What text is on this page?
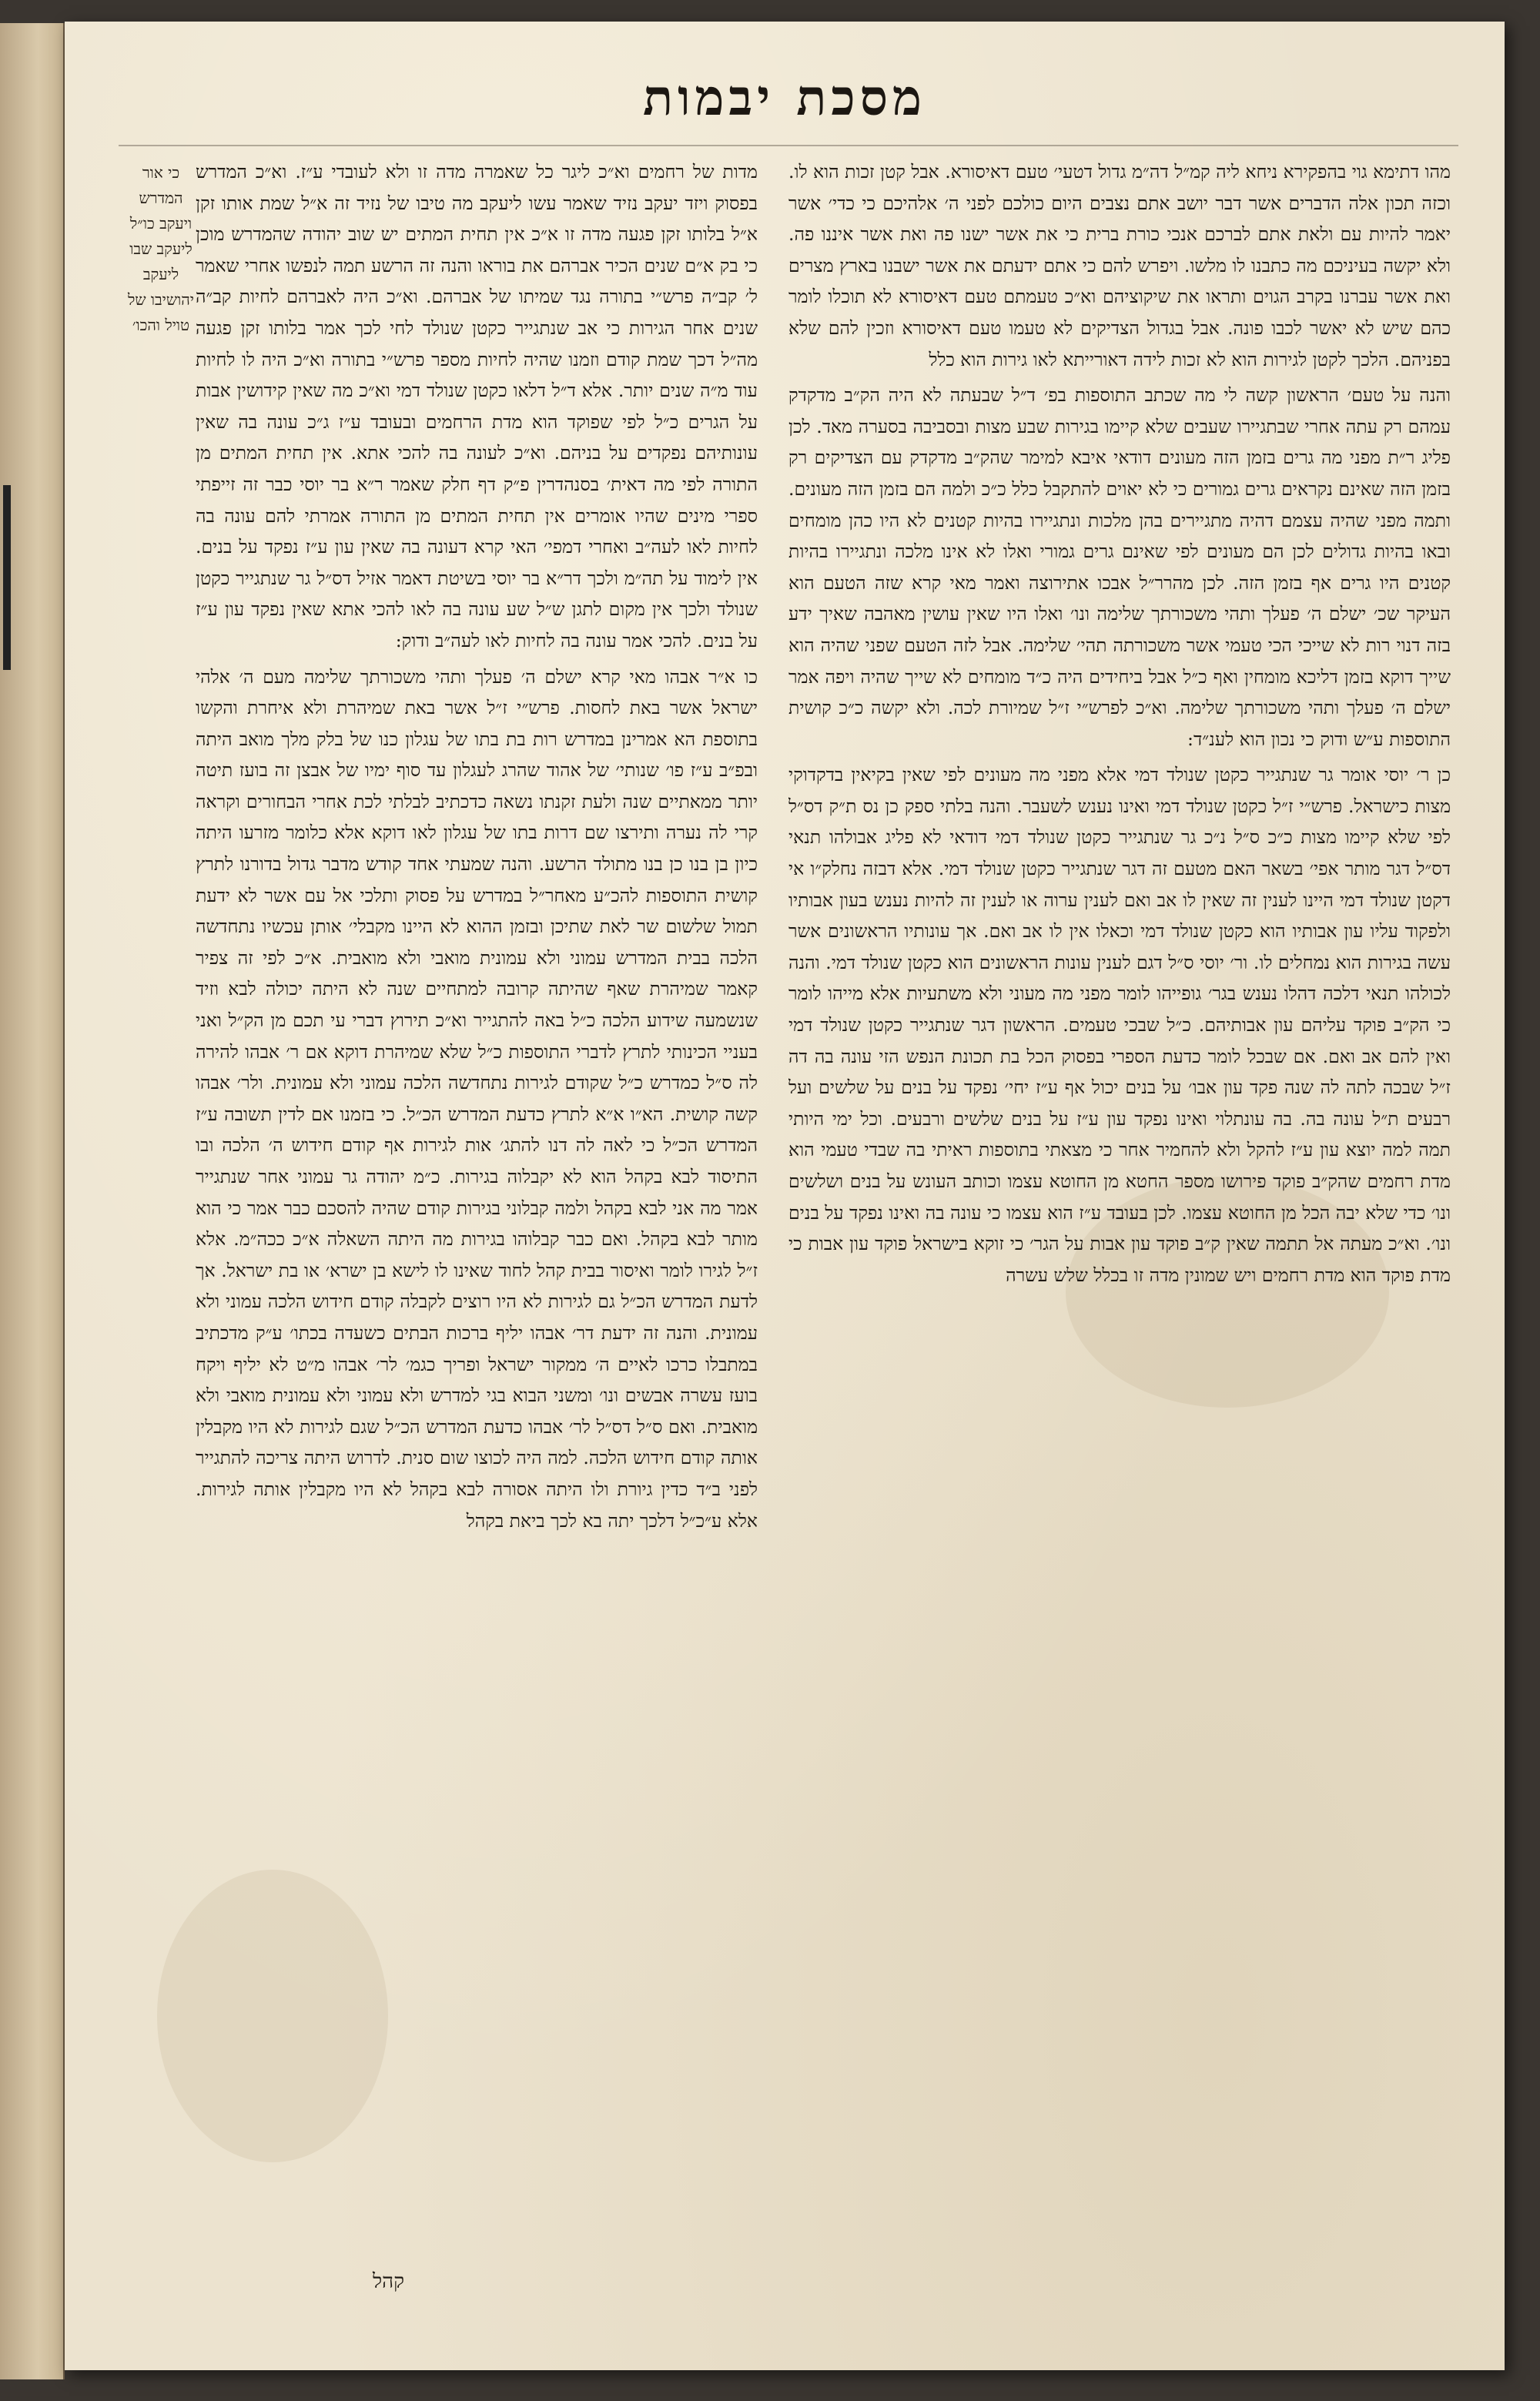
מסכת יבמות

מהו דתימא גוי בהפקירא ניחא ליה קמ״ל דה״מ גדול דטעי׳ טעם דאיסורא. אבל קטן זכות הוא לו. וכזה תכון אלה הדברים אשר דבר יושב אתם נצבים היום כולכם לפני ה׳ אלהיכם כי כדי׳ אשר יאמר להיות עם ולאת אתם לברכם אנכי כורת ברית כי את אשר ישנו פה ואת אשר איננו פה. ולא יקשה בעיניכם מה כתבנו לו מלשו. ויפרש להם כי אתם ידעתם את אשר ישבנו בארץ מצרים ואת אשר עברנו בקרב הגוים ותראו את שיקוציהם וא״כ טעמתם טעם דאיסורא לא תוכלו לומר כהם שיש לא יאשר לכבו פונה. אבל בגדול הצדיקים לא טעמו טעם דאיסורא וזכין להם שלא בפניהם. הלכך לקטן לגירות הוא לא זכות לידה דאורייתא לאו גירות הוא כלל

והנה על טעם׳ הראשון קשה לי מה שכתב התוספות בפ׳ ד״ל שבעתה לא היה הק״ב מדקדק עמהם רק עתה אחרי שבתגיירו שעבים שלא קיימו בגירות שבע מצות ובסביבה בסערה מאד. לכן פליג ר״ת מפני מה גרים בזמן הזה מעונים דודאי איבא למימר שהק״ב מדקדק עם הצדיקים רק בזמן הזה שאינם נקראים גרים גמורים כי לא יאוים להתקבל כלל כ״כ ולמה הם בזמן הזה מעונים. ותמה מפני שהיה עצמם דהיה מתגיירים בהן מלכות ונתגיירו בהיות קטנים לא היו כהן מומחים ובאו בהיות גדולים לכן הם מעונים לפי שאינם גרים גמורי ואלו לא אינו מלכה ונתגיירו בהיות קטנים היו גרים אף בזמן הזה. לכן מהרר״ל אבכו אתירוצה ואמר מאי קרא שזה הטעם הוא העיקר שכ׳ ישלם ה׳ פעלך ותהי משכורתך שלימה ונו׳ ואלו היו שאין עושין מאהבה שאיך ידע בזה דנוי רות לא שייכי הכי טעמי אשר משכורתה תהי׳ שלימה. אבל לזה הטעם שפני שהיה הוא שייך דוקא בזמן דליכא מומחין ואף כ״ל אבל ביחידים היה כ״ד מומחים לא שייך שהיה ויפה אמר ישלם ה׳ פעלך ותהי משכורתך שלימה. וא״כ לפרש״י ז״ל שמיורת לכה. ולא יקשה כ״כ קושית התוספות ע״ש ודוק כי נכון הוא לענ״ד:

כן ר׳ יוסי אומר גר שנתגייר כקטן שנולד דמי אלא מפני מה מעונים לפי שאין בקיאין בדקדוקי מצות כישראל. פרש״י ז״ל כקטן שנולד דמי ואינו נענש לשעבר. והנה בלתי ספק כן נס ת״ק דס״ל לפי שלא קיימו מצות כ״כ ס״ל נ״כ גר שנתגייר כקטן שנולד דמי דודאי לא פליג אבולהו תנאי דס״ל דגר מותר אפי׳ בשאר האם מטעם זה דגר שנתגייר כקטן שנולד דמי. אלא דבזה נחלק״ו אי דקטן שנולד דמי היינו לענין זה שאין לו אב ואם לענין ערוה או לענין זה להיות נענש בעון אבותיו ולפקוד עליו עון אבותיו הוא כקטן שנולד דמי וכאלו אין לו אב ואם. אך עונותיו הראשונים אשר עשה בגירות הוא נמחלים לו. ור׳ יוסי ס״ל דגם לענין עונות הראשונים הוא כקטן שנולד דמי. והנה לכולהו תנאי דלכה דהלו נענש בגר׳ גופייהו לומר מפני מה מעוני ולא משתעיות אלא מייהו לומר כי הק״ב פוקד עליהם עון אבותיהם. כ״ל שבכי טעמים. הראשון דגר שנתגייר כקטן שנולד דמי ואין להם אב ואם. אם שבכל לומר כדעת הספרי בפסוק הכל בת תכונת הנפש הזי עונה בה דה ז״ל שבכה לתה לה שנה פקד עון אבו׳ על בנים יכול אף ע״ז יחי׳ נפקד על בנים על שלשים ועל רבעים ת״ל עונה בה. בה עונתלוי ואינו נפקד עון ע״ז על בנים שלשים ורבעים. וכל ימי היותי תמה למה יוצא עון ע״ז להקל ולא להחמיר אחר כי מצאתי בתוספות ראיתי בה שבדי טעמי הוא מדת רחמים שהק״ב פוקד פירושו מספר החטא מן החוטא עצמו וכותב העונש על בנים ושלשים ונו׳ כדי שלא יבה הכל מן החוטא עצמו. לכן בעובד ע״ז הוא עצמו כי עונה בה ואינו נפקד על בנים ונו׳. וא״כ מעתה אל תתמה שאין ק״ב פוקד עון אבות על הגר׳ כי זוקא בישראל פוקד עון אבות כי מדת פוקד הוא מדת רחמים ויש שמונין מדה זו בכלל שלש עשרה

מדות של רחמים וא״כ ליגר כל שאמרה מדה זו ולא לעובדי ע״ז. וא״כ המדרש בפסוק ויזד יעקב נזיד שאמר עשו ליעקב מה טיבו של נזיד זה א״ל שמת אותו זקן א״ל בלותו זקן פגעה מדה זו א״כ אין תחית המתים יש שוב יהודה שהמדרש מוכן כי בק א״ם שנים הכיר אברהם את בוראו והנה זה הרשע תמה לנפשו אחרי שאמר ל׳ קב״ה פרש״י בתורה נגד שמיתו של אברהם. וא״כ היה לאברהם לחיות קב״ה שנים אחר הגירות כי אב שנתגייר כקטן שנולד לחי לכך אמר בלותו זקן פגעה מה״ל דכך שמת קודם וזמנו שהיה לחיות מספר פרש״י בתורה וא״כ היה לו לחיות עוד מ״ה שנים יותר. אלא ד״ל דלאו כקטן שנולד דמי וא״כ מה שאין קידושין אבות על הגרים כ״ל לפי שפוקד הוא מדת הרחמים ובעובד ע״ז ג״כ עונה בה שאין עונותיהם נפקדים על בניהם. וא״כ לעונה בה להכי אתא. אין תחית המתים מן התורה לפי מה דאית׳ בסנהדרין פ״ק דף חלק שאמר ר״א בר יוסי כבר זה זייפתי ספרי מינים שהיו אומרים אין תחית המתים מן התורה אמרתי להם עונה בה לחיות לאו לעה״ב ואחרי דמפי׳ האי קרא דעונה בה שאין עון ע״ז נפקד על בנים. אין לימוד על תה״מ ולכך דר״א בר יוסי בשיטת דאמר אזיל דס״ל גר שנתגייר כקטן שנולד ולכך אין מקום לתגן ש״ל שע עונה בה לאו להכי אתא שאין נפקד עון ע״ז על בנים. להכי אמר עונה בה לחיות לאו לעה״ב ודוק:

כו א״ר אבהו מאי קרא ישלם ה׳ פעלך ותהי משכורתך שלימה מעם ה׳ אלהי ישראל אשר באת לחסות. פרש״י ז״ל אשר באת שמיהרת ולא איחרת והקשו בתוספת הא אמרינן במדרש רות בת בתו של עגלון כנו של בלק מלך מואב היתה ובפ״ב ע״ז פו׳ שנותי׳ של אהוד שהרג לעגלון עד סוף ימיו של אבצן זה בועז תיטה יותר ממאתיים שנה ולעת זקנתו נשאה כדכתיב לבלתי לכת אחרי הבחורים וקראה קרי לה נערה ותירצו שם דרות בתו של עגלון לאו דוקא אלא כלומר מזרעו היתה כיון בן בנו כן בנו מתולד הרשע. והנה שמעתי אחד קודש מדבר גדול בדורנו לתרץ קושית התוספות להכ״ע מאחר״ל במדרש על פסוק ותלכי אל עם אשר לא ידעת תמול שלשום שר לאת שתיכן ובזמן ההוא לא היינו מקבלי׳ אותן עכשיו נתחדשה הלכה בבית המדרש עמוני ולא עמונית מואבי ולא מואבית. א״כ לפי זה צפיר קאמר שמיהרת שאף שהיתה קרובה למתחיים שנה לא היתה יכולה לבא וזיד שנשמעה שידוע הלכה כ״ל באה להתגייר וא״כ תירוץ דברי עי תכם מן הק״ל ואני בעניי הכינותי לתרץ לדברי התוספות כ״ל שלא שמיהרת דוקא אם ר׳ אבהו להירה לה ס״ל כמדרש כ״ל שקודם לגירות נתחדשה הלכה עמוני ולא עמונית. ולר׳ אבהו קשה קושית. הא״ו א״א לתרץ כדעת המדרש הכ״ל. כי בזמנו אם לדין תשובה ע״ז המדרש הכ״ל כי לאה לה דנו להתג׳ אות לגירות אף קודם חידוש ה׳ הלכה ובו התיסוד לבא בקהל הוא לא יקבלוה בגירות. כ״מ יהודה גר עמוני אחר שנתגייר אמר מה אני לבא בקהל ולמה קבלוני בגירות קודם שהיה להסכם כבר אמר כי הוא מותר לבא בקהל. ואם כבר קבלוהו בגירות מה היתה השאלה א״כ ככה״מ. אלא ז״ל לגירו לומר ואיסור בבית קהל לחוד שאינו לו לישא בן ישרא׳ או בת ישראל. אך לדעת המדרש הכ״ל גם לגירות לא היו רוצים לקבלה קודם חידוש הלכה עמוני ולא עמונית. והנה זה ידעת דר׳ אבהו יליף ברכות הבתים כשעדה בכתו׳ ע״ק מדכתיב במתבלו כרכו לאיים ה׳ ממקור ישראל ופריך כגמ׳ לר׳ אבהו מ״ט לא יליף ויקח בועז עשרה אבשים ונו׳ ומשני הבוא בגי למדרש ולא עמוני ולא עמונית מואבי ולא מואבית. ואם ס״ל דס״ל לר׳ אבהו כדעת המדרש הכ״ל שגם לגירות לא היו מקבלין אותה קודם חידוש הלכה. למה היה לכוצו שום סנית. לדרוש היתה צריכה להתגייר לפני ב״ד כדין גיורת ולו היתה אסורה לבא בקהל לא היו מקבלין אותה לגירות. אלא ע״כ״ל דלכך יתה בא לכך ביאת בקהל

כי אור המדרש ויעקב כו״ל ליעקב שבו ליעקב יהושיבו של טויל והכו׳
קהל
